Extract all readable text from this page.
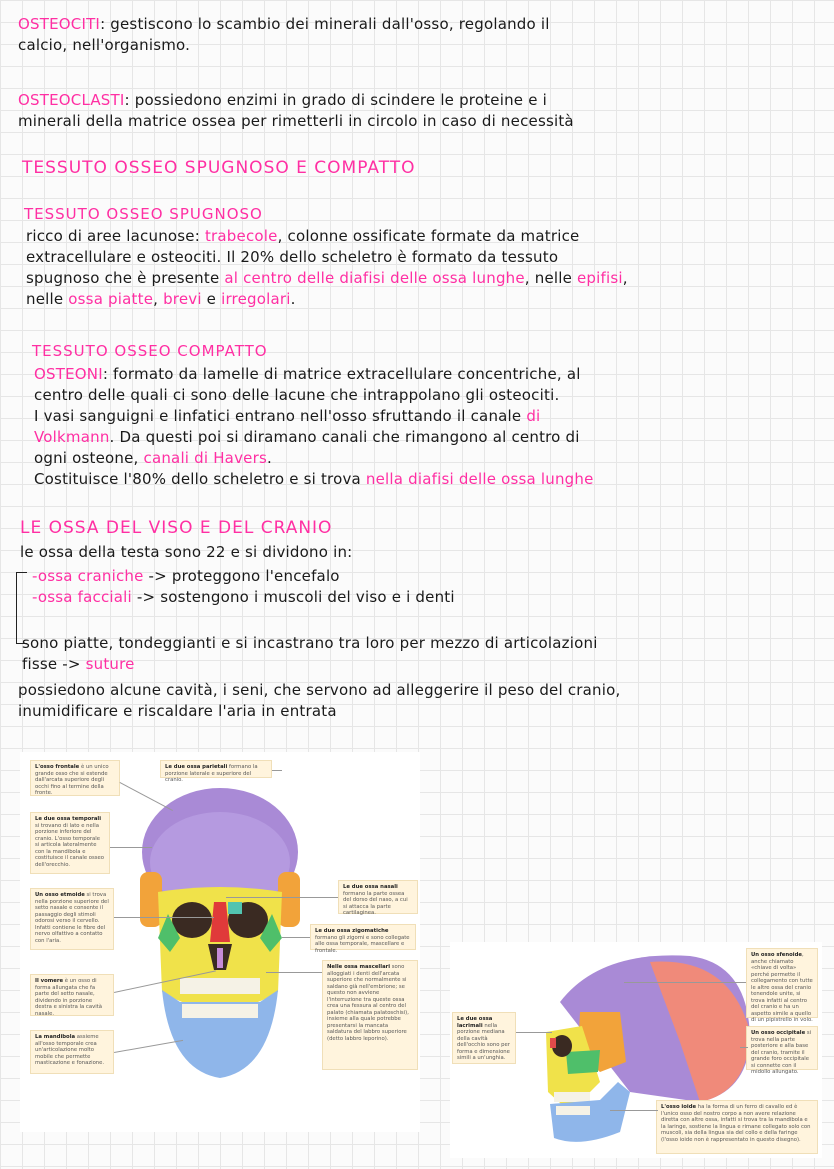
OSTEOCITI: gestiscono lo scambio dei minerali dall'osso, regolando il
calcio, nell'organismo.
OSTEOCLASTI: possiedono enzimi in grado di scindere le proteine e i
minerali della matrice ossea per rimetterli in circolo in caso di necessità
TESSUTO OSSEO SPUGNOSO E COMPATTO
TESSUTO OSSEO SPUGNOSO
ricco di aree lacunose: trabecole, colonne ossificate formate da matrice
extracellulare e osteociti. Il 20% dello scheletro è formato da tessuto
spugnoso che è presente al centro delle diafisi delle ossa lunghe, nelle epifisi,
nelle ossa piatte, brevi e irregolari.
TESSUTO OSSEO COMPATTO
OSTEONI: formato da lamelle di matrice extracellulare concentriche, al
centro delle quali ci sono delle lacune che intrappolano gli osteociti.
I vasi sanguigni e linfatici entrano nell'osso sfruttando il canale di
Volkmann. Da questi poi si diramano canali che rimangono al centro di
ogni osteone, canali di Havers.
Costituisce l'80% dello scheletro e si trova nella diafisi delle ossa lunghe
LE OSSA DEL VISO E DEL CRANIO
le ossa della testa sono 22 e si dividono in:
-ossa craniche -> proteggono l'encefalo
-ossa facciali -> sostengono i muscoli del viso e i denti
sono piatte, tondeggianti e si incastrano tra loro per mezzo di articolazioni
fisse -> suture
possiedono alcune cavità, i seni, che servono ad alleggerire il peso del cranio,
inumidificare e riscaldare l'aria in entrata
L'osso frontale è un unico grande osso che si estende dall'arcata superiore degli occhi fino al termine della fronte.
Le due ossa parietali formano la porzione laterale e superiore del cranio.
Le due ossa temporali si trovano di lato e nella porzione inferiore del cranio. L'osso temporale si articola lateralmente con la mandibola e costituisce il canale osseo dell'orecchio.
Un osso etmoide si trova nella porzione superiore del setto nasale e consente il passaggio degli stimoli odorosi verso il cervello. Infatti contiene le fibre del nervo olfattivo a contatto con l'aria.
Il vomere è un osso di forma allungata che fa parte del setto nasale, dividendo in porzione destra e sinistra la cavità nasale.
La mandibola assieme all'osso temporale crea un'articolazione molto mobile che permette masticazione e fonazione.
Le due ossa nasali formano la parte ossea del dorso del naso, a cui si attacca la parte cartilaginea.
Le due ossa zigomatiche formano gli zigomi e sono collegate alle ossa temporale, mascellare e frontale.
Nelle ossa mascellari sono alloggiati i denti dell'arcata superiore che normalmente si saldano già nell'embrione; se questo non avviene l'interruzione tra queste ossa crea una fessura al centro del palato (chiamata palatoschisi), insieme alla quale potrebbe presentarsi la mancata saldatura del labbro superiore (detto labbro leporino).
Le due ossa lacrimali nella porzione mediana della cavità dell'occhio sono per forma e dimensione simili a un'unghia.
Un osso sfenoide, anche chiamato «chiave di volta» perché permette il collegamento con tutte le altre ossa del cranio tenendole unite, si trova infatti al centro del cranio e ha un aspetto simile a quello di un pipistrello in volo.
Un osso occipitale si trova nella parte posteriore e alla base del cranio, tramite il grande foro occipitale si connette con il midollo allungato.
L'osso ioide ha la forma di un ferro di cavallo ed è l'unico osso del nostro corpo a non avere relazione diretta con altre ossa, infatti si trova tra la mandibola e la laringe, sostiene la lingua e rimane collegato solo con muscoli, sia della lingua sia del collo e della faringe (l'osso ioide non è rappresentato in questo disegno).
